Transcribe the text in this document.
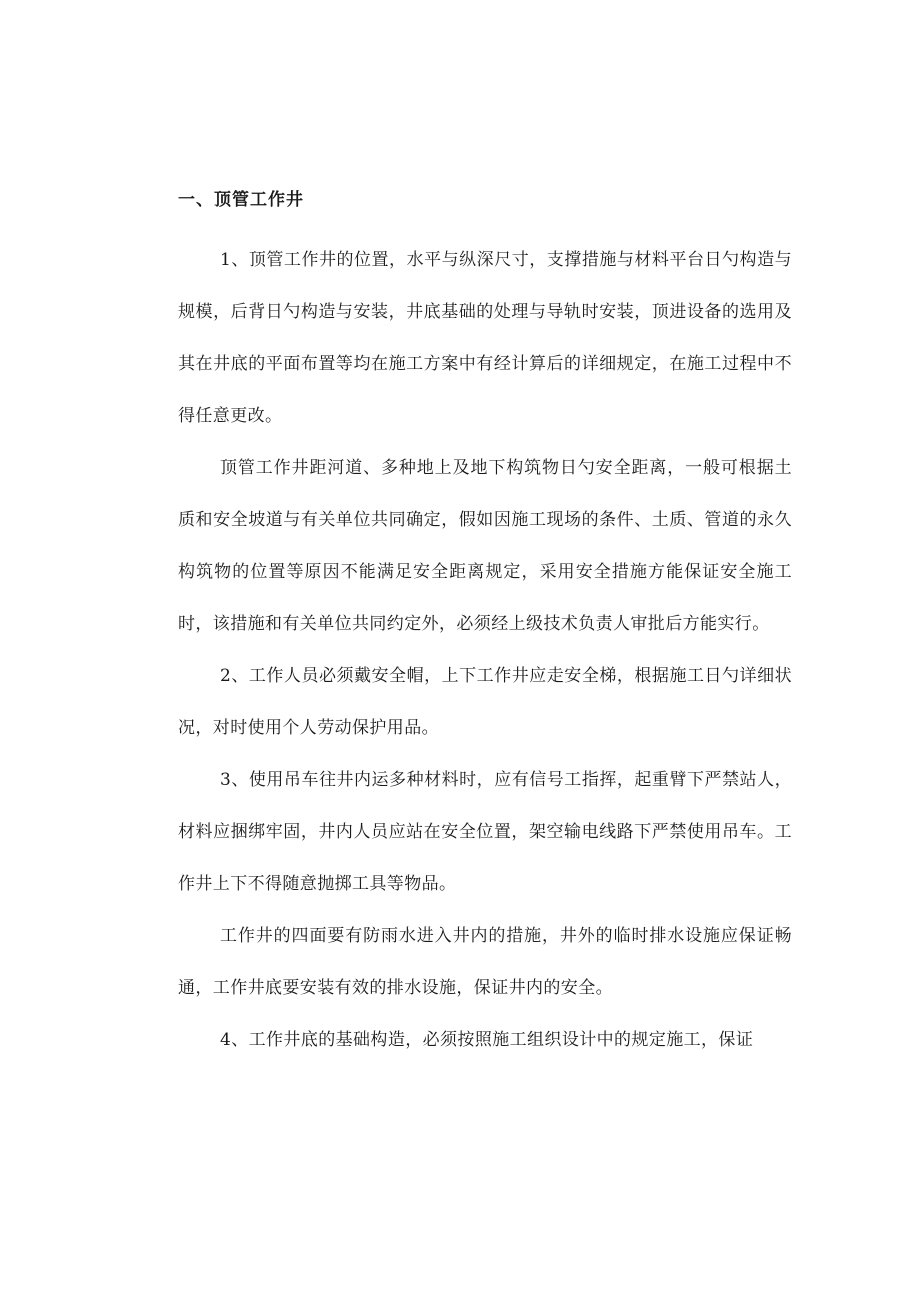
一、顶管工作井

1、顶管工作井的位置，水平与纵深尺寸，支撑措施与材料平台日勺构造与规模，后背日勺构造与安装，井底基础的处理与导轨时安装，顶进设备的选用及其在井底的平面布置等均在施工方案中有经计算后的详细规定，在施工过程中不得任意更改。

顶管工作井距河道、多种地上及地下构筑物日勺安全距离，一般可根据土质和安全坡道与有关单位共同确定，假如因施工现场的条件、土质、管道的永久构筑物的位置等原因不能满足安全距离规定，采用安全措施方能保证安全施工时，该措施和有关单位共同约定外，必须经上级技术负责人审批后方能实行。

2、工作人员必须戴安全帽，上下工作井应走安全梯，根据施工日勺详细状况，对时使用个人劳动保护用品。

3、使用吊车往井内运多种材料时，应有信号工指挥，起重臂下严禁站人，材料应捆绑牢固，井内人员应站在安全位置，架空输电线路下严禁使用吊车。工作井上下不得随意抛掷工具等物品。

工作井的四面要有防雨水进入井内的措施，井外的临时排水设施应保证畅通，工作井底要安装有效的排水设施，保证井内的安全。

4、工作井底的基础构造，必须按照施工组织设计中的规定施工，保证
